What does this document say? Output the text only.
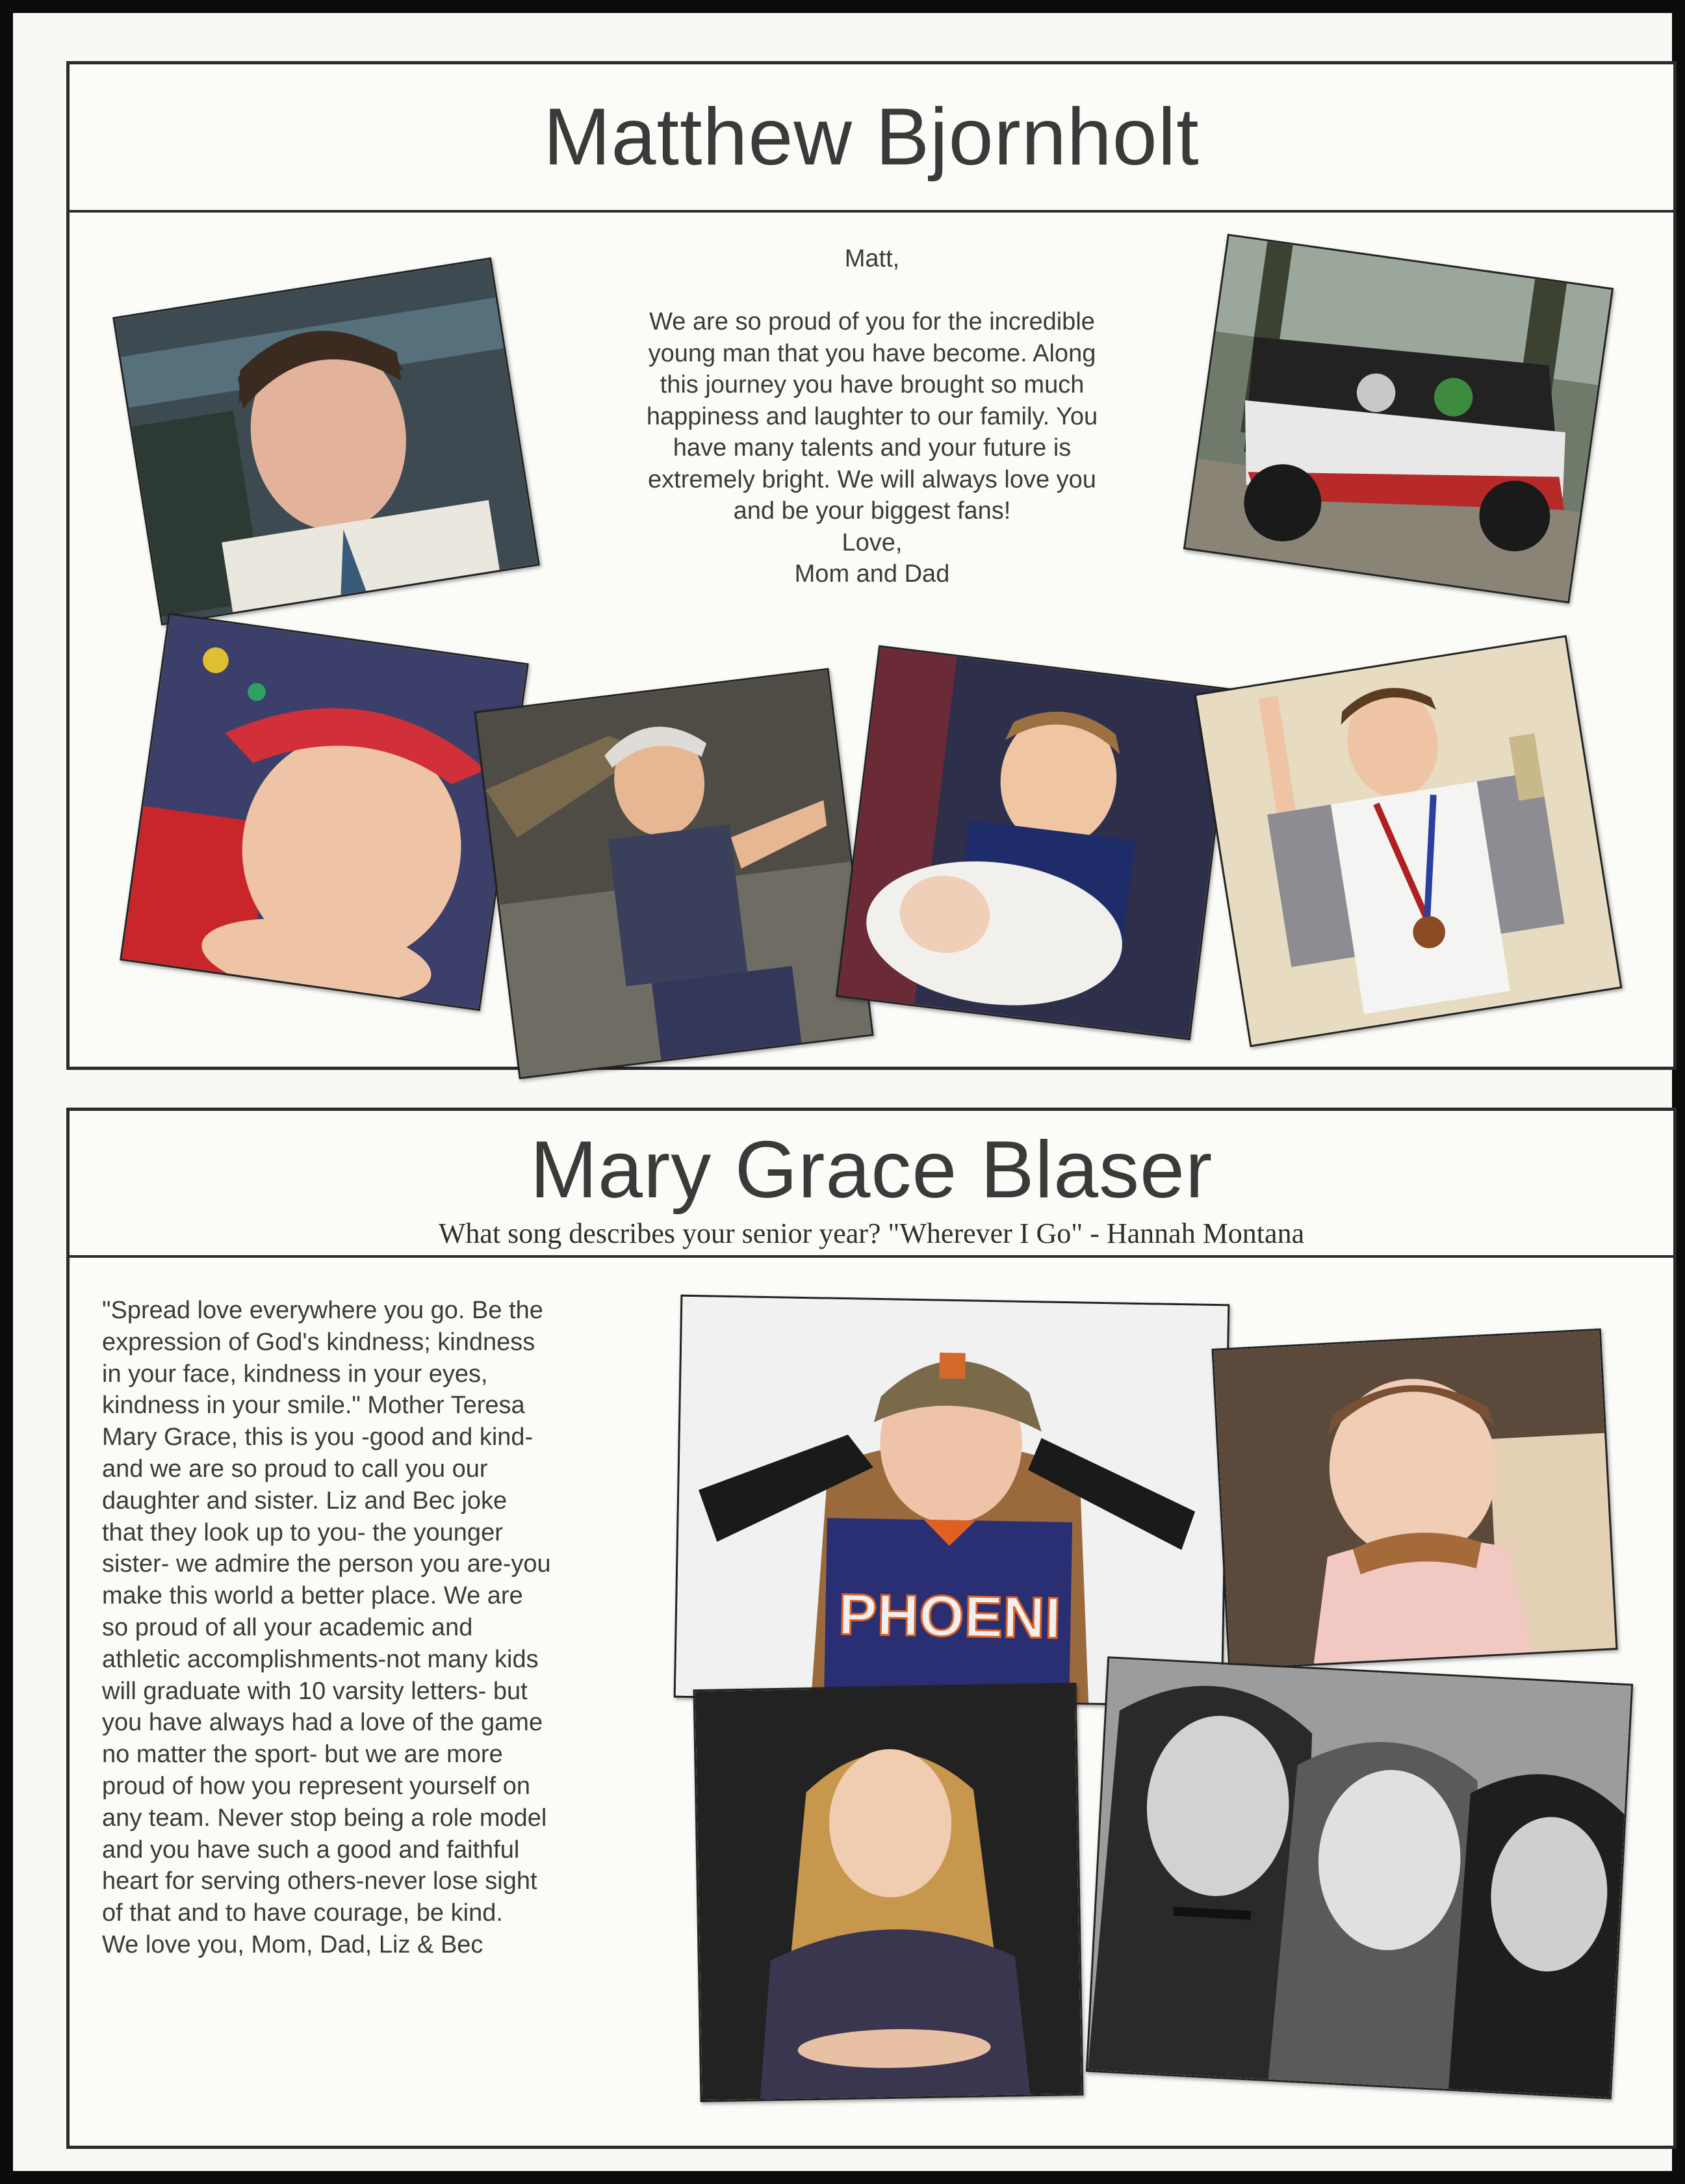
Matthew Bjornholt
Matt,

We are so proud of you for the incredible
young man that you have become. Along
this journey you have brought so much
happiness and laughter to our family. You
have many talents and your future is
extremely bright. We will always love you
and be your biggest fans!
Love,
Mom and Dad
Mary Grace Blaser
What song describes your senior year? "Wherever I Go" - Hannah Montana
"Spread love everywhere you go. Be the
expression of God's kindness; kindness
in your face, kindness in your eyes,
kindness in your smile." Mother Teresa
Mary Grace, this is you -good and kind-
and we are so proud to call you our
daughter and sister. Liz and Bec joke
that they look up to you- the younger
sister- we admire the person you are-you
make this world a better place. We are
so proud of all your academic and
athletic accomplishments-not many kids
will graduate with 10 varsity letters- but
you have always had a love of the game
no matter the sport- but we are more
proud of how you represent yourself on
any team. Never stop being a role model
and you have such a good and faithful
heart for serving others-never lose sight
of that and to have courage, be kind.
We love you, Mom, Dad, Liz & Bec
PHOENI
